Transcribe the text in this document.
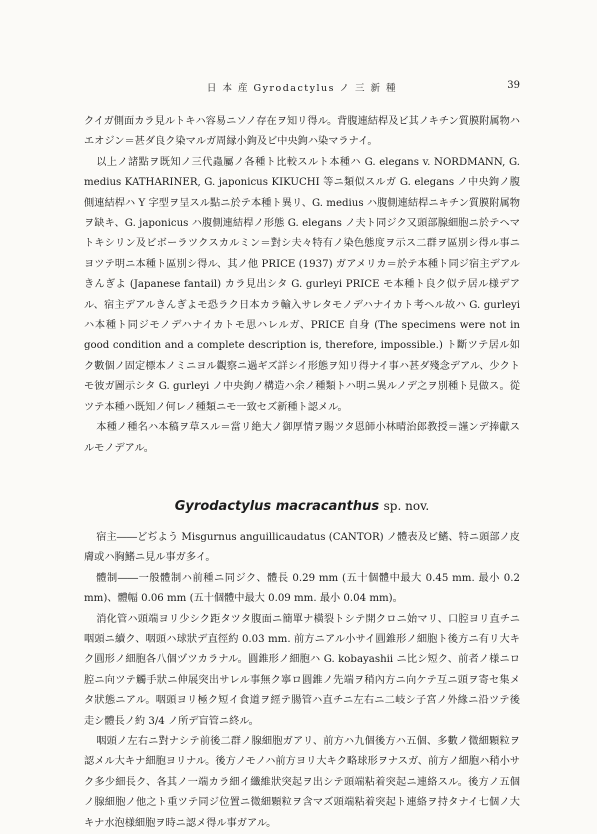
日 本 産 Gyrodactylus ノ 三 新 種	39

クイガ側面カラ見ルトキハ容易ニソノ存在ヲ知リ得ル。背腹連結桿及ビ其ノキチン質膜附属物ハエオジン＝甚ダ良ク染マルガ周縁小鉤及ビ中央鉤ハ染マラナイ。

以上ノ諸點ヲ既知ノ三代蟲屬ノ各種ト比較スルト本種ハ G. elegans v. NORDMANN, G. medius KATHARINER, G. japonicus KIKUCHI 等ニ類似スルガ G. elegans ノ中央鉤ノ腹側連結桿ハ Y 字型ヲ呈スル點ニ於テ本種ト異リ、G. medius ハ腹側連結桿ニキチン質膜附属物ヲ缺キ、G. japonicus ハ腹側連結桿ノ形態 G. elegans ノ夫ト同ジク又頭部腺細胞ニ於テヘマトキシリン及ビボーラツクスカルミン＝對シ夫々特有ノ染色態度ヲ示ス二群ヲ區別シ得ル事ニヨツテ明ニ本種ト區別シ得ル、其ノ他 PRICE (1937) ガアメリカ＝於テ本種ト同ジ宿主デアルきんぎよ (Japanese fantail) カラ見出シタ G. gurleyi PRICE モ本種ト良ク似テ居ル様デアル、宿主デアルきんぎよモ恐ラク日本カラ輸入サレタモノデハナイカト考ヘル故ハ G. gurleyi ハ本種ト同ジモノデハナイカトモ思ハレルガ、PRICE 自身 (The specimens were not in good condition and a complete description is, therefore, impossible.) ト斷ツテ居ル如ク數個ノ固定標本ノミニヨル觀察ニ過ギズ詳シイ形態ヲ知リ得ナイ事ハ甚ダ殘念デアル、少クトモ彼ガ圖示シタ G. gurleyi ノ中央鉤ノ構造ハ余ノ種類トハ明ニ異ルノデ之ヲ別種ト見做ス。從ツテ本種ハ既知ノ何レノ種類ニモ一致セズ新種ト認メル。

本種ノ種名ハ本稿ヲ草スル＝當リ絶大ノ御厚情ヲ賜ツタ恩師小林晴治郎教授＝謹ンデ捧獻スルモノデアル。

Gyrodactylus macracanthus sp. nov.

宿主――どぢよう Misgurnus anguillicaudatus (CANTOR) ノ體表及ビ鰭、特ニ頭部ノ皮膚或ハ胸鰭ニ見ル事ガ多イ。

體制――一般體制ハ前種ニ同ジク、體長 0.29 mm (五十個體中最大 0.45 mm. 最小 0.2 mm)、體幅 0.06 mm (五十個體中最大 0.09 mm. 最小 0.04 mm)。

消化管ハ頭端ヨリ少シク距タツタ腹面ニ簡單ナ橫裂トシテ開クロニ始マリ、口腔ヨリ直チニ咽頭ニ續ク、咽頭ハ球狀デ直徑約 0.03 mm. 前方ニアル小サイ圓錐形ノ細胞ト後方ニ有リ大キク圓形ノ細胞各八個ヅツカラナル。圓錐形ノ細胞ハ G. kobayashii ニ比シ短ク、前者ノ様ニロ腔ニ向ツテ觸手狀ニ伸展突出サレル事無ク寧ロ圓錐ノ先端ヲ稍內方ニ向ケテ互ニ頭ヲ寄セ集メタ狀態ニアル。咽頭ヨリ極ク短イ食道ヲ經テ腸管ハ直チニ左右ニ二岐シ子宮ノ外緣ニ沿ツテ後走シ體長ノ約 3/4 ノ所デ盲管ニ終ル。

咽頭ノ左右ニ對ナシテ前後二群ノ腺細胞ガアリ、前方ハ九個後方ハ五個、多數ノ微細顆粒ヲ認メル大キナ細胞ヨリナル。後方ノモノハ前方ヨリ大キク略球形ヲナスガ、前方ノ細胞ハ稍小サク多少細長ク、各其ノ一端カラ細イ纖維狀突起ヲ出シテ頭端粘着突起ニ連絡スル。後方ノ五個ノ腺細胞ノ他之ト重ツテ同ジ位置ニ微細顆粒ヲ含マズ頭端粘着突起ト連絡ヲ持タナイ七個ノ大キナ水泡様細胞ヲ時ニ認メ得ル事ガアル。
